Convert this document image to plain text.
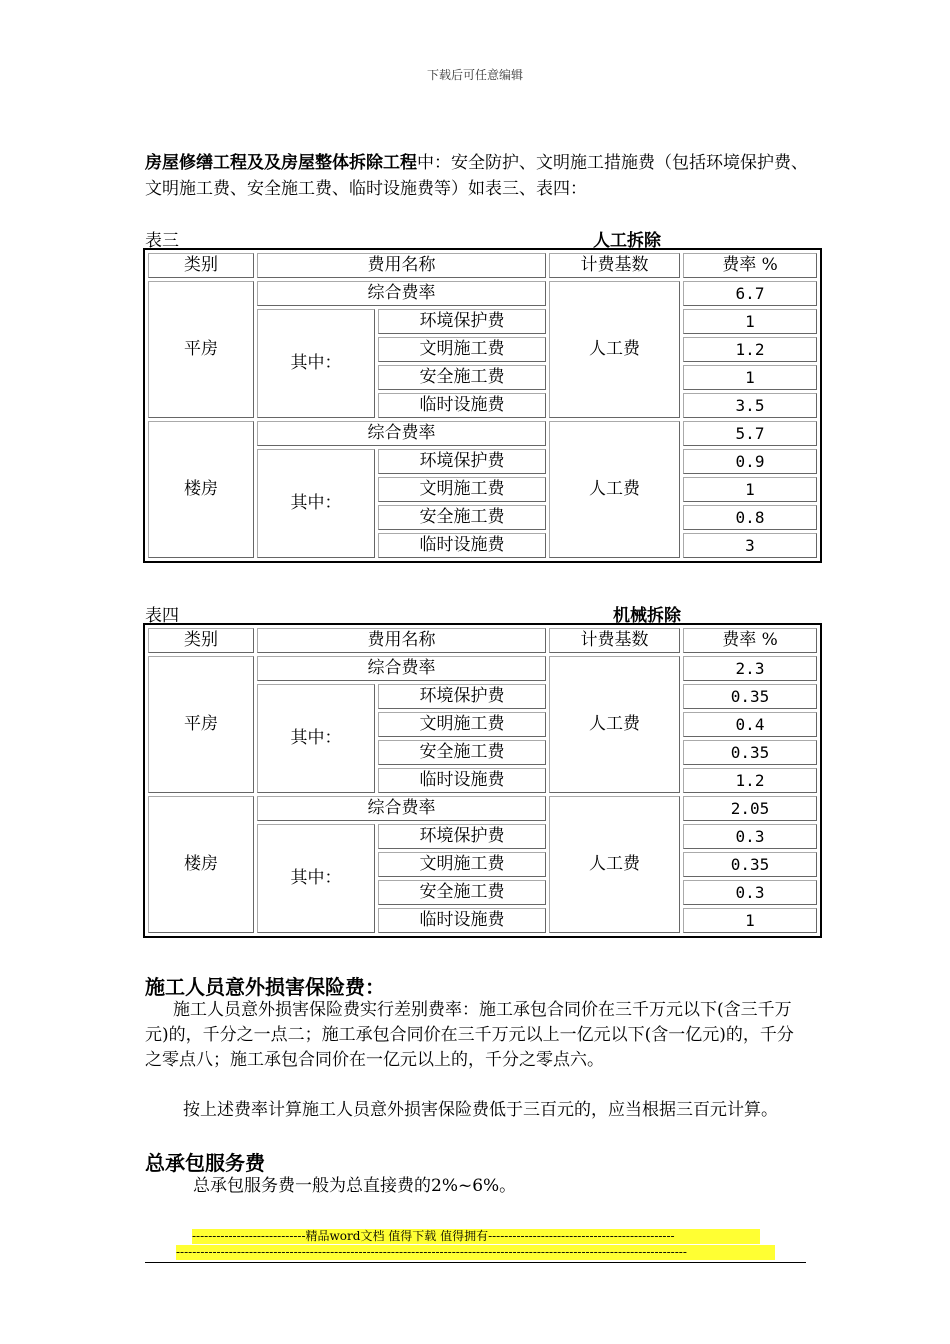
下载后可任意编辑
房屋修缮工程及及房屋整体拆除工程中：安全防护、文明施工措施费（包括环境保护费、文明施工费、安全施工费、临时设施费等）如表三、表四：
表三	人工拆除
类别	费用名称		计费基数	费率 %
平房	综合费率		人工费	6.7
	其中：	环境保护费		1
		文明施工费		1.2
		安全施工费		1
		临时设施费		3.5
楼房	综合费率		人工费	5.7
	其中：	环境保护费		0.9
		文明施工费		1
		安全施工费		0.8
		临时设施费		3
表四	机械拆除
类别	费用名称		计费基数	费率 %
平房	综合费率		人工费	2.3
	其中：	环境保护费		0.35
		文明施工费		0.4
		安全施工费		0.35
		临时设施费		1.2
楼房	综合费率		人工费	2.05
	其中：	环境保护费		0.3
		文明施工费		0.35
		安全施工费		0.3
		临时设施费		1
施工人员意外损害保险费：
施工人员意外损害保险费实行差别费率：施工承包合同价在三千万元以下(含三千万元)的，千分之一点二；施工承包合同价在三千万元以上一亿元以下(含一亿元)的，千分之零点八；施工承包合同价在一亿元以上的，千分之零点六。
按上述费率计算施工人员意外损害保险费低于三百元的，应当根据三百元计算。
总承包服务费
总承包服务费一般为总直接费的2%~6%。
----------------------------精品word文档 值得下载 值得拥有----------------------------------------------
------------------------------------------------------------------------------------------------------------------------------
